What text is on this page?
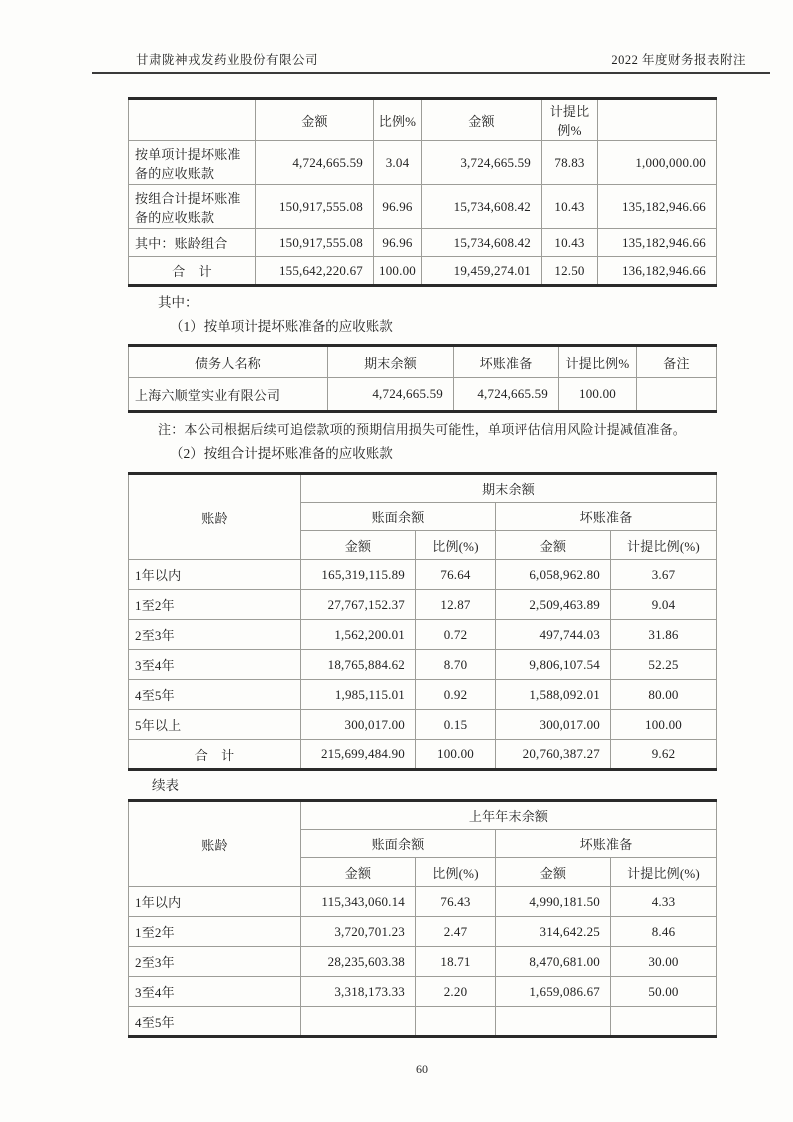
甘肃陇神戎发药业股份有限公司	2022 年度财务报表附注
	金额	比例%	金额	计提比例%	
按单项计提坏账准备的应收账款	4,724,665.59	3.04	3,724,665.59	78.83	1,000,000.00
按组合计提坏账准备的应收账款	150,917,555.08	96.96	15,734,608.42	10.43	135,182,946.66
其中：账龄组合	150,917,555.08	96.96	15,734,608.42	10.43	135,182,946.66
合　计	155,642,220.67	100.00	19,459,274.01	12.50	136,182,946.66

其中：

（1）按单项计提坏账准备的应收账款

债务人名称	期末余额	坏账准备	计提比例%	备注
上海六顺堂实业有限公司	4,724,665.59	4,724,665.59	100.00	

注：本公司根据后续可追偿款项的预期信用损失可能性，单项评估信用风险计提减值准备。

（2）按组合计提坏账准备的应收账款

账龄	期末余额			
	账面余额		坏账准备	
	金额	比例(%)	金额	计提比例(%)
1年以内	165,319,115.89	76.64	6,058,962.80	3.67
1至2年	27,767,152.37	12.87	2,509,463.89	9.04
2至3年	1,562,200.01	0.72	497,744.03	31.86
3至4年	18,765,884.62	8.70	9,806,107.54	52.25
4至5年	1,985,115.01	0.92	1,588,092.01	80.00
5年以上	300,017.00	0.15	300,017.00	100.00
合　计	215,699,484.90	100.00	20,760,387.27	9.62

续表

账龄	上年年末余额			
	账面余额		坏账准备	
	金额	比例(%)	金额	计提比例(%)
1年以内	115,343,060.14	76.43	4,990,181.50	4.33
1至2年	3,720,701.23	2.47	314,642.25	8.46
2至3年	28,235,603.38	18.71	8,470,681.00	30.00
3至4年	3,318,173.33	2.20	1,659,086.67	50.00
4至5年				
60
